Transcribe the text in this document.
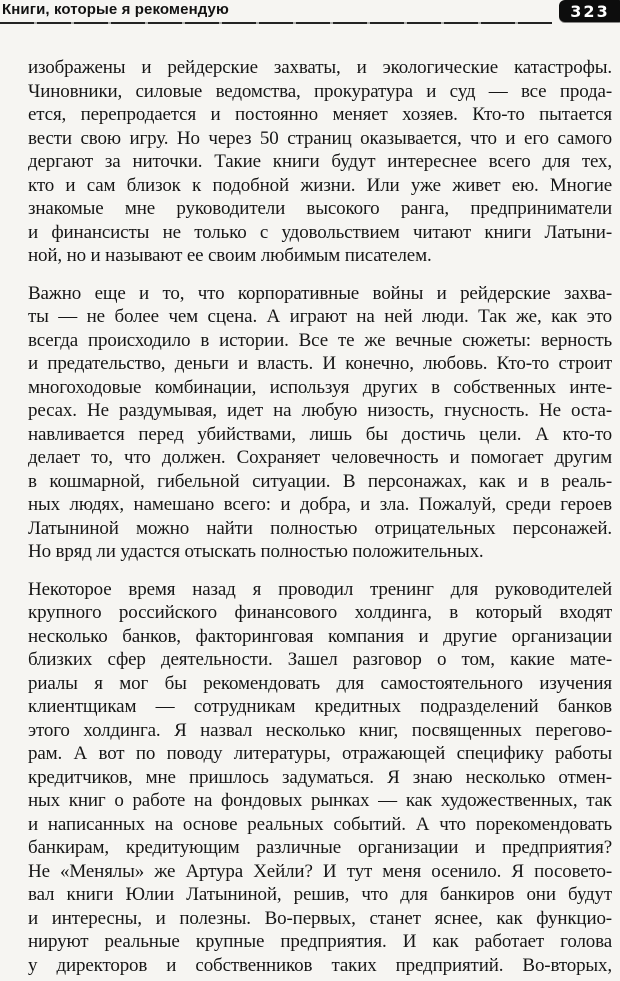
Книги, которые я рекомендую	323
изображены и рейдерские захваты, и экологические катастрофы.
Чиновники, силовые ведомства, прокуратура и суд — все прода-
ется, перепродается и постоянно меняет хозяев. Кто-то пытается
вести свою игру. Но через 50 страниц оказывается, что и его самого
дергают за ниточки. Такие книги будут интереснее всего для тех,
кто и сам близок к подобной жизни. Или уже живет ею. Многие
знакомые мне руководители высокого ранга, предприниматели
и финансисты не только с удовольствием читают книги Латыни-
ной, но и называют ее своим любимым писателем.
Важно еще и то, что корпоративные войны и рейдерские захва-
ты — не более чем сцена. А играют на ней люди. Так же, как это
всегда происходило в истории. Все те же вечные сюжеты: верность
и предательство, деньги и власть. И конечно, любовь. Кто-то строит
многоходовые комбинации, используя других в собственных инте-
ресах. Не раздумывая, идет на любую низость, гнусность. Не оста-
навливается перед убийствами, лишь бы достичь цели. А кто-то
делает то, что должен. Сохраняет человечность и помогает другим
в кошмарной, гибельной ситуации. В персонажах, как и в реаль-
ных людях, намешано всего: и добра, и зла. Пожалуй, среди героев
Латыниной можно найти полностью отрицательных персонажей.
Но вряд ли удастся отыскать полностью положительных.
Некоторое время назад я проводил тренинг для руководителей
крупного российского финансового холдинга, в который входят
несколько банков, факторинговая компания и другие организации
близких сфер деятельности. Зашел разговор о том, какие мате-
риалы я мог бы рекомендовать для самостоятельного изучения
клиентщикам — сотрудникам кредитных подразделений банков
этого холдинга. Я назвал несколько книг, посвященных перегово-
рам. А вот по поводу литературы, отражающей специфику работы
кредитчиков, мне пришлось задуматься. Я знаю несколько отмен-
ных книг о работе на фондовых рынках — как художественных, так
и написанных на основе реальных событий. А что порекомендовать
банкирам, кредитующим различные организации и предприятия?
Не «Менялы» же Артура Хейли? И тут меня осенило. Я посовето-
вал книги Юлии Латыниной, решив, что для банкиров они будут
и интересны, и полезны. Во-первых, станет яснее, как функцио-
нируют реальные крупные предприятия. И как работает голова
у директоров и собственников таких предприятий. Во-вторых,
